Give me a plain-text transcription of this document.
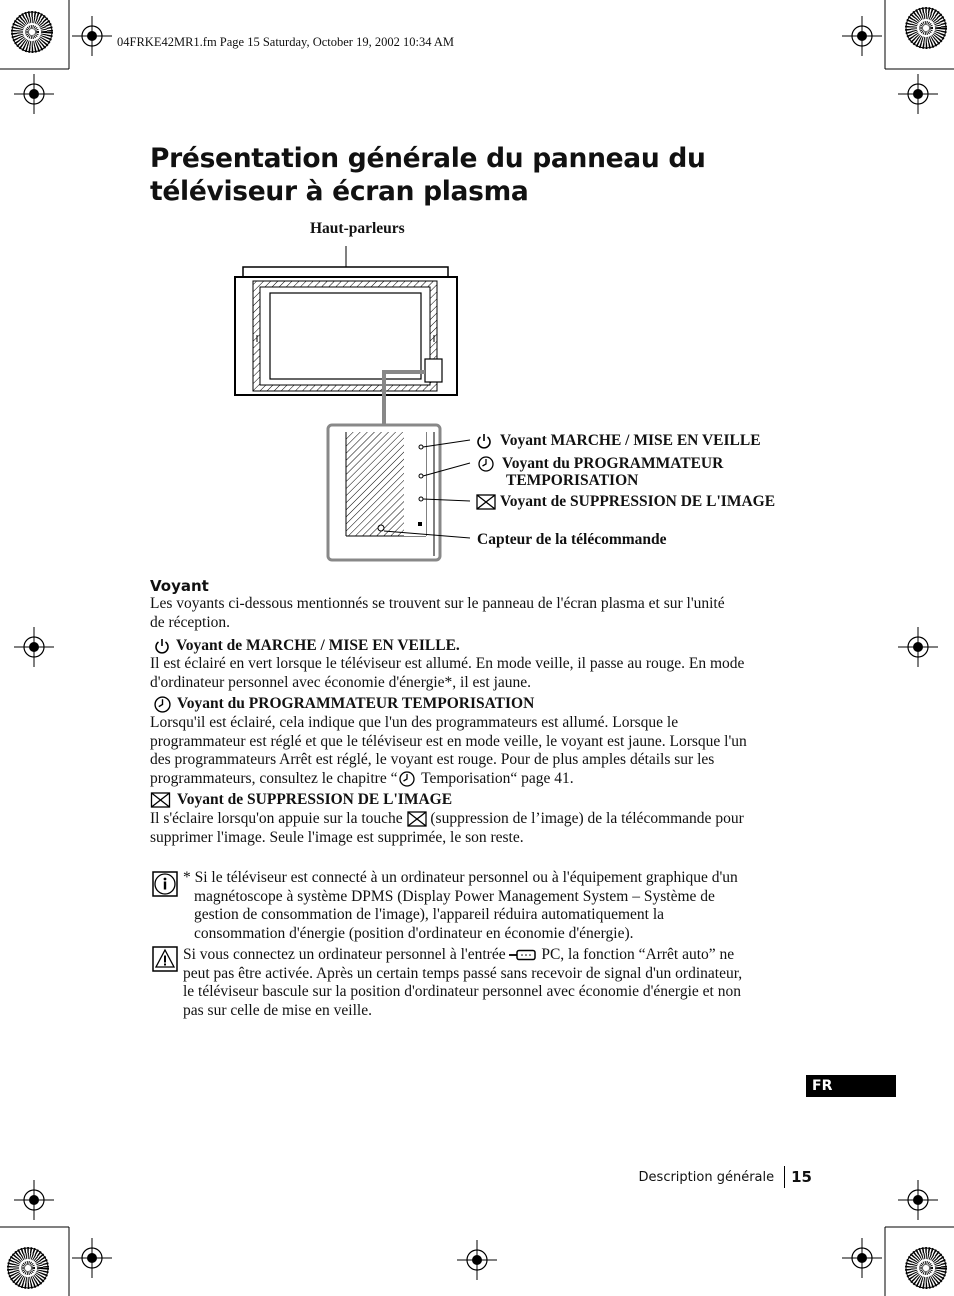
04FRKE42MR1.fm Page 15 Saturday, October 19, 2002 10:34 AM
Présentation générale du panneau du
téléviseur à écran plasma
Haut-parleurs
Voyant MARCHE / MISE EN VEILLE
Voyant du PROGRAMMATEUR
TEMPORISATION
Voyant de SUPPRESSION DE L'IMAGE
Capteur de la télécommande
Voyant
Les voyants ci-dessous mentionnés se trouvent sur le panneau de l'écran plasma et sur l'unité
de réception.
Voyant de MARCHE / MISE EN VEILLE.
Il est éclairé en vert lorsque le téléviseur est allumé. En mode veille, il passe au rouge. En mode
d'ordinateur personnel avec économie d'énergie*, il est jaune.
Voyant du PROGRAMMATEUR TEMPORISATION
Lorsqu'il est éclairé, cela indique que l'un des programmateurs est allumé. Lorsque le
programmateur est réglé et que le téléviseur est en mode veille, le voyant est jaune. Lorsque l'un
des programmateurs Arrêt est réglé, le voyant est rouge. Pour de plus amples détails sur les
programmateurs, consultez le chapitre “ Temporisation“ page 41.
Voyant de SUPPRESSION DE L'IMAGE
Il s'éclaire lorsqu'on appuie sur la touche  (suppression de l’image) de la télécommande pour
supprimer l'image. Seule l'image est supprimée, le son reste.
* Si le téléviseur est connecté à un ordinateur personnel ou à l'équipement graphique d'un
magnétoscope à système DPMS (Display Power Management System – Système de
gestion de consommation de l'image), l'appareil réduira automatiquement la
consommation d'énergie (position d'ordinateur en économie d'énergie).
Si vous connectez un ordinateur personnel à l'entrée  PC, la fonction “Arrêt auto” ne
peut pas être activée. Après un certain temps passé sans recevoir de signal d'un ordinateur,
le téléviseur bascule sur la position d'ordinateur personnel avec économie d'énergie et non
pas sur celle de mise en veille.
FR
Description générale 15
